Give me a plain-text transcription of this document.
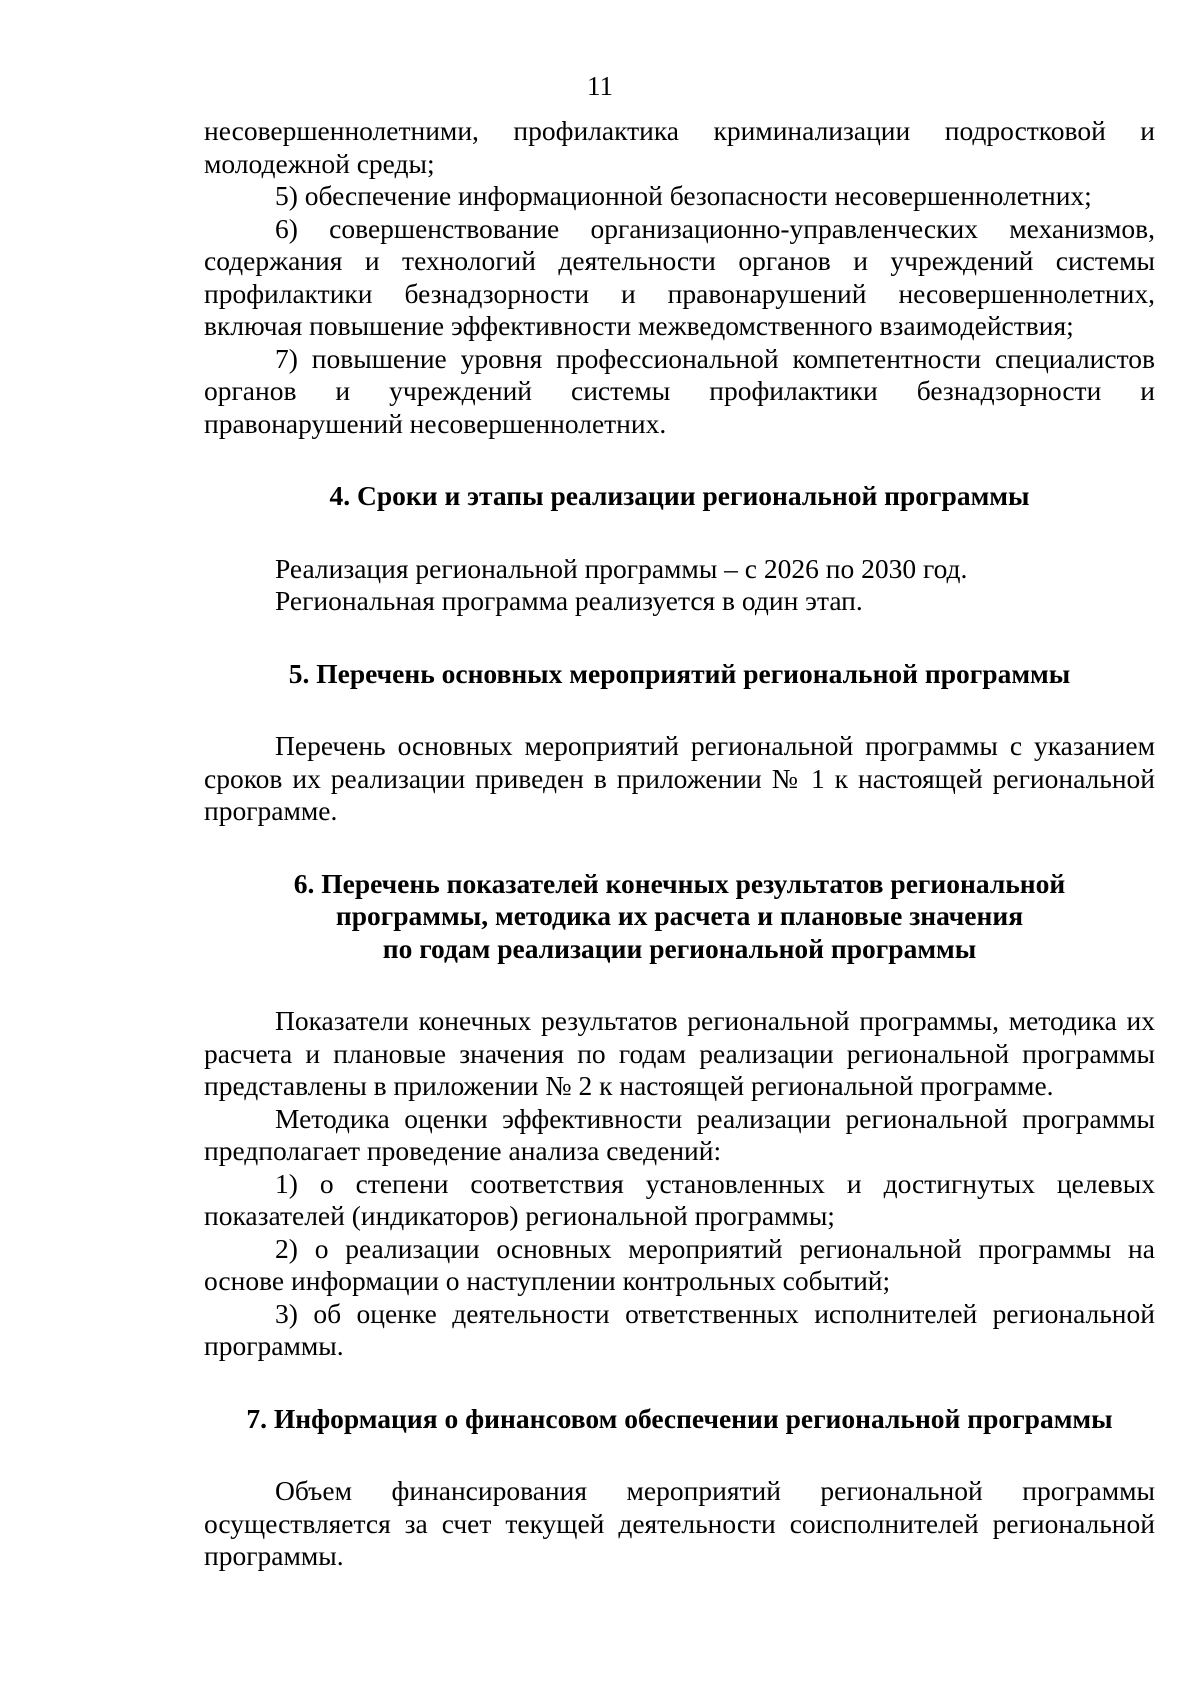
11

несовершеннолетними, профилактика криминализации подростковой и молодежной среды;

5) обеспечение информационной безопасности несовершеннолетних;

6) совершенствование организационно-управленческих механизмов, содержания и технологий деятельности органов и учреждений системы профилактики безнадзорности и правонарушений несовершеннолетних, включая повышение эффективности межведомственного взаимодействия;

7) повышение уровня профессиональной компетентности специалистов органов и учреждений системы профилактики безнадзорности и правонарушений несовершеннолетних.

4. Сроки и этапы реализации региональной программы

Реализация региональной программы – с 2026 по 2030 год.

Региональная программа реализуется в один этап.

5. Перечень основных мероприятий региональной программы

Перечень основных мероприятий региональной программы с указанием сроков их реализации приведен в приложении № 1 к настоящей региональной программе.

6. Перечень показателей конечных результатов региональной
программы, методика их расчета и плановые значения
по годам реализации региональной программы

Показатели конечных результатов региональной программы, методика их расчета и плановые значения по годам реализации региональной программы представлены в приложении № 2 к настоящей региональной программе.

Методика оценки эффективности реализации региональной программы предполагает проведение анализа сведений:

1) о степени соответствия установленных и достигнутых целевых показателей (индикаторов) региональной программы;

2) о реализации основных мероприятий региональной программы на основе информации о наступлении контрольных событий;

3) об оценке деятельности ответственных исполнителей региональной программы.

7. Информация о финансовом обеспечении региональной программы

Объем финансирования мероприятий региональной программы осуществляется за счет текущей деятельности соисполнителей региональной программы.
